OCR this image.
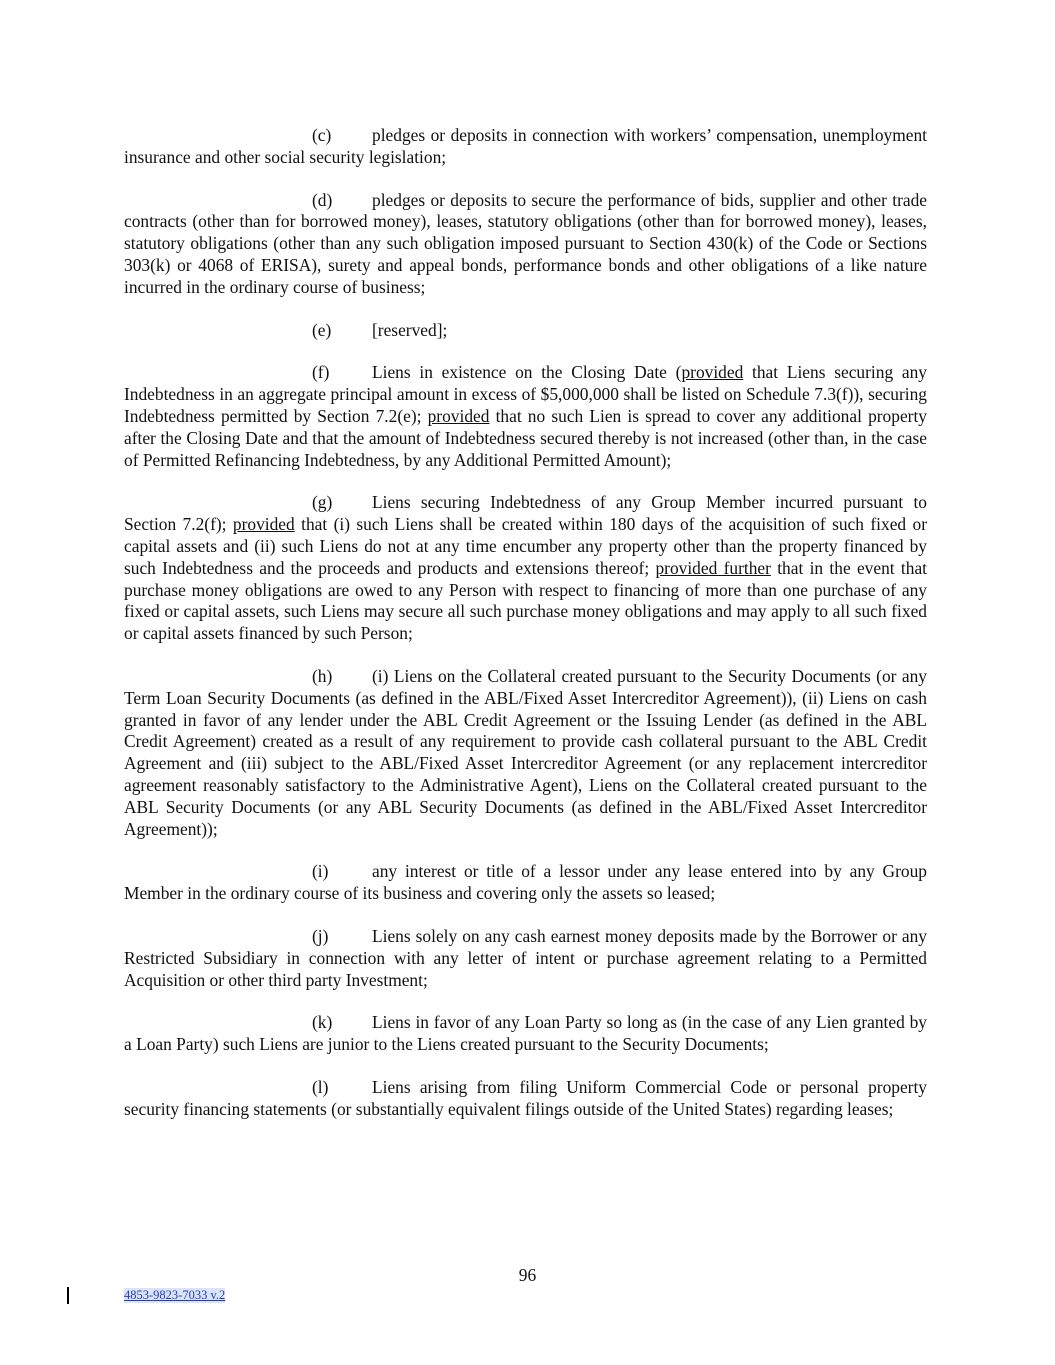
(c) pledges or deposits in connection with workers’ compensation, unemployment insurance and other social security legislation;

(d) pledges or deposits to secure the performance of bids, supplier and other trade contracts (other than for borrowed money), leases, statutory obligations (other than for borrowed money), leases, statutory obligations (other than any such obligation imposed pursuant to Section 430(k) of the Code or Sections 303(k) or 4068 of ERISA), surety and appeal bonds, performance bonds and other obligations of a like nature incurred in the ordinary course of business;

(e) [reserved];

(f) Liens in existence on the Closing Date (provided that Liens securing any Indebtedness in an aggregate principal amount in excess of $5,000,000 shall be listed on Schedule 7.3(f)), securing Indebtedness permitted by Section 7.2(e); provided that no such Lien is spread to cover any additional property after the Closing Date and that the amount of Indebtedness secured thereby is not increased (other than, in the case of Permitted Refinancing Indebtedness, by any Additional Permitted Amount);

(g) Liens securing Indebtedness of any Group Member incurred pursuant to Section 7.2(f); provided that (i) such Liens shall be created within 180 days of the acquisition of such fixed or capital assets and (ii) such Liens do not at any time encumber any property other than the property financed by such Indebtedness and the proceeds and products and extensions thereof; provided further that in the event that purchase money obligations are owed to any Person with respect to financing of more than one purchase of any fixed or capital assets, such Liens may secure all such purchase money obligations and may apply to all such fixed or capital assets financed by such Person;

(h) (i) Liens on the Collateral created pursuant to the Security Documents (or any Term Loan Security Documents (as defined in the ABL/Fixed Asset Intercreditor Agreement)), (ii) Liens on cash granted in favor of any lender under the ABL Credit Agreement or the Issuing Lender (as defined in the ABL Credit Agreement) created as a result of any requirement to provide cash collateral pursuant to the ABL Credit Agreement and (iii) subject to the ABL/Fixed Asset Intercreditor Agreement (or any replacement intercreditor agreement reasonably satisfactory to the Administrative Agent), Liens on the Collateral created pursuant to the ABL Security Documents (or any ABL Security Documents (as defined in the ABL/Fixed Asset Intercreditor Agreement));

(i)	any interest or title of a lessor under any lease entered into by any Group Member in the ordinary course of its business and covering only the assets so leased;

(j)	Liens solely on any cash earnest money deposits made by the Borrower or any Restricted Subsidiary in connection with any letter of intent or purchase agreement relating to a Permitted Acquisition or other third party Investment;

(k) Liens in favor of any Loan Party so long as (in the case of any Lien granted by a Loan Party) such Liens are junior to the Liens created pursuant to the Security Documents;

(l)	Liens arising from filing Uniform Commercial Code or personal property security financing statements (or substantially equivalent filings outside of the United States) regarding leases;

96
4853-9823-7033 v.2
